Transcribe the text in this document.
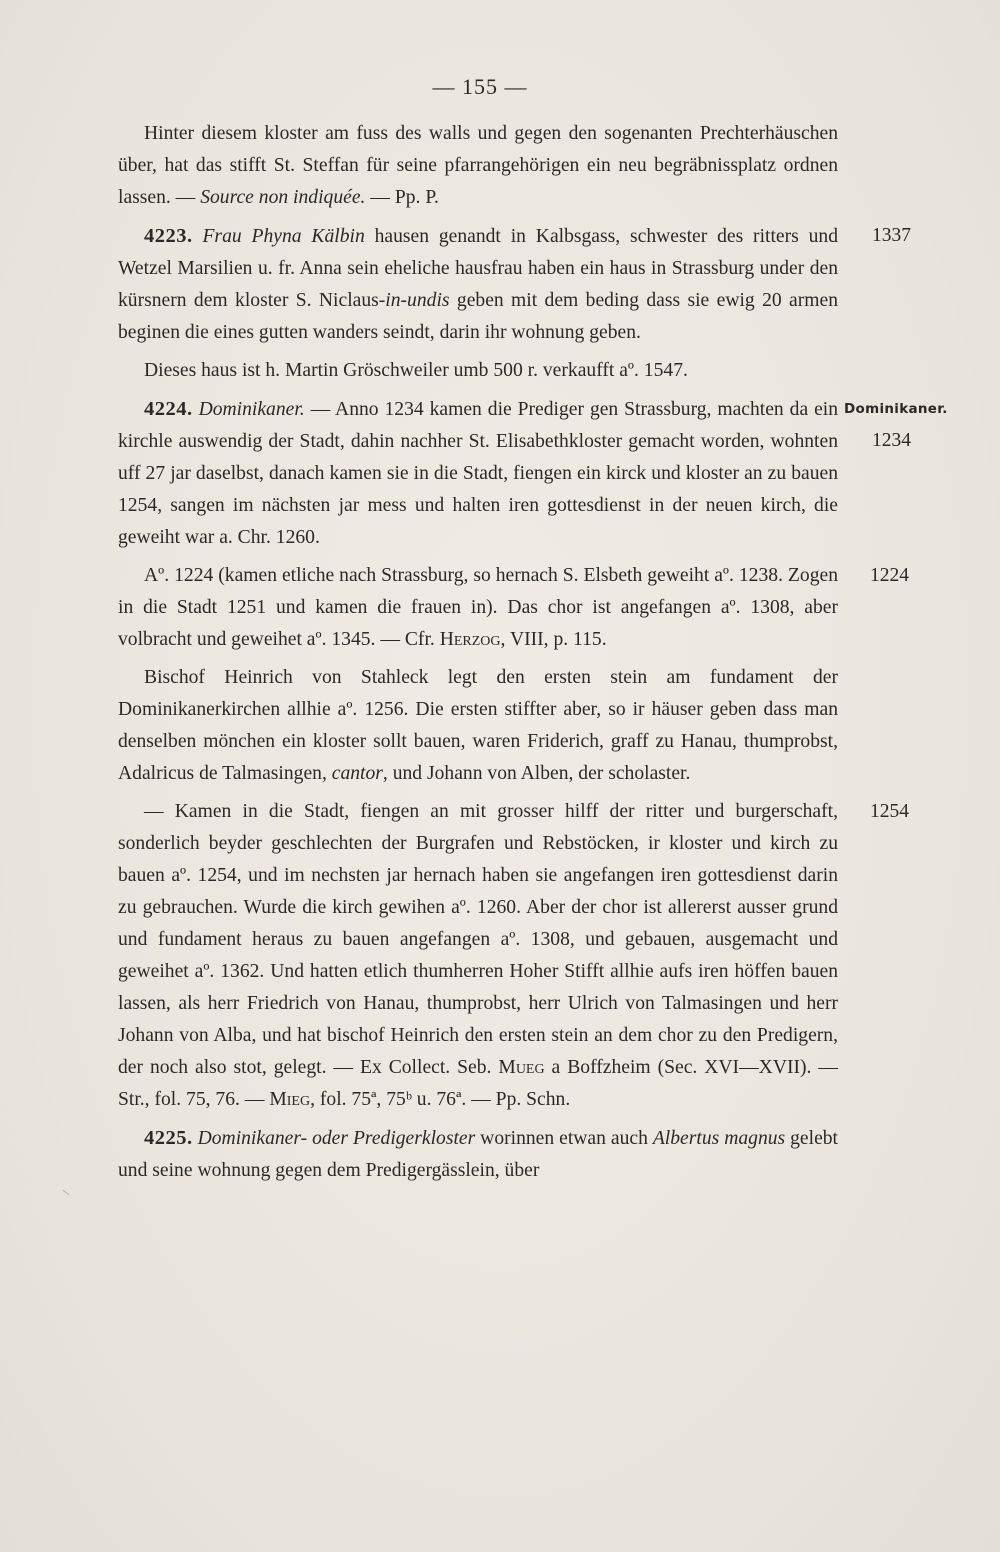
— 155 —

Hinter diesem kloster am fuss des walls und gegen den sogenanten Prechterhäuschen über, hat das stifft St. Steffan für seine pfarrangehörigen ein neu begräbnissplatz ordnen lassen. — Source non indiquée. — Pp. P.

1337
4223. Frau Phyna Kälbin hausen genandt in Kalbsgass, schwester des ritters und Wetzel Marsilien u. fr. Anna sein eheliche hausfrau haben ein haus in Strassburg under den kürsnern dem kloster S. Niclaus-in-undis geben mit dem beding dass sie ewig 20 armen beginen die eines gutten wanders seindt, darin ihr wohnung geben.

Dieses haus ist h. Martin Gröschweiler umb 500 r. verkaufft aº. 1547.

Dominikaner.
1234
4224. Dominikaner. — Anno 1234 kamen die Prediger gen Strassburg, machten da ein kirchle auswendig der Stadt, dahin nachher St. Elisabethkloster gemacht worden, wohnten uff 27 jar daselbst, danach kamen sie in die Stadt, fiengen ein kirck und kloster an zu bauen 1254, sangen im nächsten jar mess und halten iren gottesdienst in der neuen kirch, die geweiht war a. Chr. 1260.

1224
Aº. 1224 (kamen etliche nach Strassburg, so hernach S. Elsbeth geweiht aº. 1238. Zogen in die Stadt 1251 und kamen die frauen in). Das chor ist angefangen aº. 1308, aber volbracht und geweihet aº. 1345. — Cfr. Herzog, VIII, p. 115.

Bischof Heinrich von Stahleck legt den ersten stein am fundament der Dominikanerkirchen allhie aº. 1256. Die ersten stiffter aber, so ir häuser geben dass man denselben mönchen ein kloster sollt bauen, waren Friderich, graff zu Hanau, thumprobst, Adalricus de Talmasingen, cantor, und Johann von Alben, der scholaster.

1254
— Kamen in die Stadt, fiengen an mit grosser hilff der ritter und burgerschaft, sonderlich beyder geschlechten der Burgrafen und Rebstöcken, ir kloster und kirch zu bauen aº. 1254, und im nechsten jar hernach haben sie angefangen iren gottesdienst darin zu gebrauchen. Wurde die kirch gewihen aº. 1260. Aber der chor ist allererst ausser grund und fundament heraus zu bauen angefangen aº. 1308, und gebauen, ausgemacht und geweihet aº. 1362. Und hatten etlich thumherren Hoher Stifft allhie aufs iren höffen bauen lassen, als herr Friedrich von Hanau, thumprobst, herr Ulrich von Talmasingen und herr Johann von Alba, und hat bischof Heinrich den ersten stein an dem chor zu den Predigern, der noch also stot, gelegt. — Ex Collect. Seb. Mueg a Boffzheim (Sec. XVI—XVII). — Str., fol. 75, 76. — Mieg, fol. 75ª, 75ᵇ u. 76ª. — Pp. Schn.

4225. Dominikaner- oder Predigerkloster worinnen etwan auch Albertus magnus gelebt und seine wohnung gegen dem Predigergässlein, über
